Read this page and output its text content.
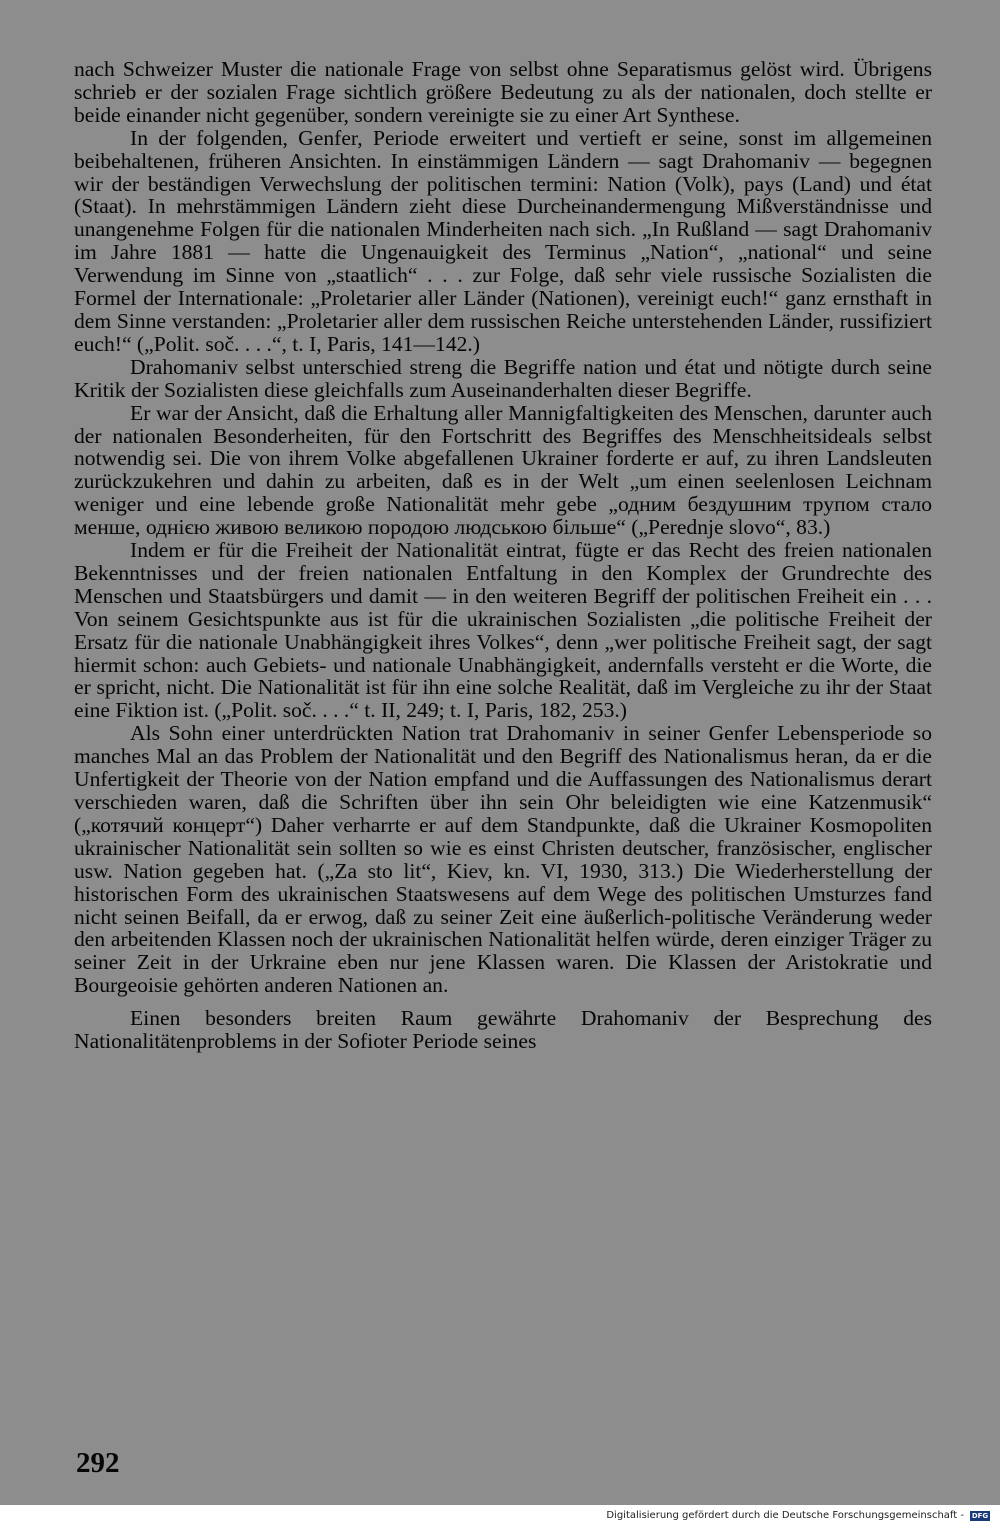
nach Schweizer Muster die nationale Frage von selbst ohne Separatismus gelöst wird. Übrigens schrieb er der sozialen Frage sichtlich größere Bedeutung zu als der nationalen, doch stellte er beide einander nicht gegenüber, sondern vereinigte sie zu einer Art Synthese.

In der folgenden, Genfer, Periode erweitert und vertieft er seine, sonst im allgemeinen beibehaltenen, früheren Ansichten. In einstämmigen Ländern — sagt Drahomaniv — begegnen wir der beständigen Verwechslung der politischen termini: Nation (Volk), pays (Land) und état (Staat). In mehrstämmigen Ländern zieht diese Durcheinandermengung Mißverständnisse und unangenehme Folgen für die nationalen Minderheiten nach sich. „In Rußland — sagt Drahomaniv im Jahre 1881 — hatte die Ungenauigkeit des Terminus „Nation“, „national“ und seine Verwendung im Sinne von „staatlich“ . . . zur Folge, daß sehr viele russische Sozialisten die Formel der Internationale: „Proletarier aller Länder (Nationen), vereinigt euch!“ ganz ernsthaft in dem Sinne verstanden: „Proletarier aller dem russischen Reiche unterstehenden Länder, russifiziert euch!“ („Polit. soč. . . .“, t. I, Paris, 141—142.)

Drahomaniv selbst unterschied streng die Begriffe nation und état und nötigte durch seine Kritik der Sozialisten diese gleichfalls zum Auseinanderhalten dieser Begriffe.

Er war der Ansicht, daß die Erhaltung aller Mannigfaltigkeiten des Menschen, darunter auch der nationalen Besonderheiten, für den Fortschritt des Begriffes des Menschheitsideals selbst notwendig sei. Die von ihrem Volke abgefallenen Ukrainer forderte er auf, zu ihren Landsleuten zurückzukehren und dahin zu arbeiten, daß es in der Welt „um einen seelenlosen Leichnam weniger und eine lebende große Nationalität mehr gebe „одним бездушним трупом стало менше, однією живою великою породою людською більше“ („Perednje slovo“, 83.)

Indem er für die Freiheit der Nationalität eintrat, fügte er das Recht des freien nationalen Bekenntnisses und der freien nationalen Entfaltung in den Komplex der Grundrechte des Menschen und Staatsbürgers und damit — in den weiteren Begriff der politischen Freiheit ein . . . Von seinem Gesichtspunkte aus ist für die ukrainischen Sozialisten „die politische Freiheit der Ersatz für die nationale Unabhängigkeit ihres Volkes“, denn „wer politische Freiheit sagt, der sagt hiermit schon: auch Gebiets- und nationale Unabhängigkeit, andernfalls versteht er die Worte, die er spricht, nicht. Die Nationalität ist für ihn eine solche Realität, daß im Vergleiche zu ihr der Staat eine Fiktion ist. („Polit. soč. . . .“ t. II, 249; t. I, Paris, 182, 253.)

Als Sohn einer unterdrückten Nation trat Drahomaniv in seiner Genfer Lebensperiode so manches Mal an das Problem der Nationalität und den Begriff des Nationalismus heran, da er die Unfertigkeit der Theorie von der Nation empfand und die Auffassungen des Nationalismus derart verschieden waren, daß die Schriften über ihn sein Ohr beleidigten wie eine Katzenmusik“ („котячий концерт“) Daher verharrte er auf dem Standpunkte, daß die Ukrainer Kosmopoliten ukrainischer Nationalität sein sollten so wie es einst Christen deutscher, französischer, englischer usw. Nation gegeben hat. („Za sto lit“, Kiev, kn. VI, 1930, 313.) Die Wiederherstellung der historischen Form des ukrainischen Staatswesens auf dem Wege des politischen Umsturzes fand nicht seinen Beifall, da er erwog, daß zu seiner Zeit eine äußerlich-politische Veränderung weder den arbeitenden Klassen noch der ukrainischen Nationalität helfen würde, deren einziger Träger zu seiner Zeit in der Urkraine eben nur jene Klassen waren. Die Klassen der Aristokratie und Bourgeoisie gehörten anderen Nationen an.

Einen besonders breiten Raum gewährte Drahomaniv der Besprechung des Nationalitätenproblems in der Sofioter Periode seines

292
Digitalisierung gefördert durch die Deutsche Forschungsgemeinschaft - DFG
